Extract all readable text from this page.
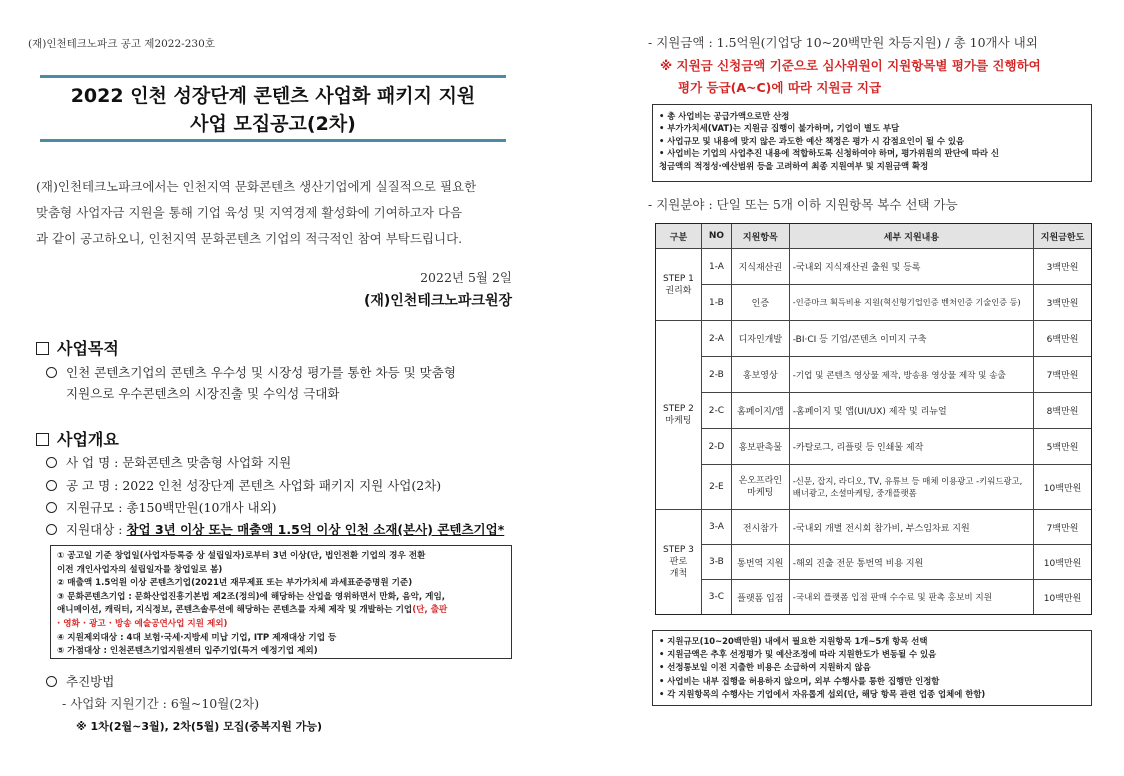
(재)인천테크노파크 공고 제2022-230호
2022 인천 성장단계 콘텐츠 사업화 패키지 지원
사업 모집공고(2차)
(재)인천테크노파크에서는 인천지역 문화콘텐츠 생산기업에게 실질적으로 필요한
맞춤형 사업자금 지원을 통해 기업 육성 및 지역경제 활성화에 기여하고자 다음
과 같이 공고하오니, 인천지역 문화콘텐츠 기업의 적극적인 참여 부탁드립니다.
2022년 5월 2일
(재)인천테크노파크원장
사업목적
인천 콘텐츠기업의 콘텐츠 우수성 및 시장성 평가를 통한 차등 및 맞춤형
지원으로 우수콘텐츠의 시장진출 및 수익성 극대화
사업개요
사 업 명 : 문화콘텐츠 맞춤형 사업화 지원
공 고 명 : 2022 인천 성장단계 콘텐츠 사업화 패키지 지원 사업(2차)
지원규모 : 총150백만원(10개사 내외)
지원대상 : 창업 3년 이상 또는 매출액 1.5억 이상 인천 소재(본사) 콘텐츠기업*
① 공고일 기준 창업일(사업자등록증 상 설립일자)로부터 3년 이상(단, 법인전환 기업의 경우 전환
이전 개인사업자의 설립일자를 창업일로 봄)
② 매출액 1.5억원 이상 콘텐츠기업(2021년 재무제표 또는 부가가치세 과세표준증명원 기준)
③ 문화콘텐츠기업 : 문화산업진흥기본법 제2조(정의)에 해당하는 산업을 영위하면서 만화, 음악, 게임,
애니메이션, 캐릭터, 지식정보, 콘텐츠솔루션에 해당하는 콘텐츠를 자체 제작 및 개발하는 기업(단, 출판
· 영화 · 광고 · 방송 예술공연사업 지원 제외)
④ 지원제외대상 : 4대 보험·국세·지방세 미납 기업, ITP 제재대상 기업 등
⑤ 가점대상 : 인천콘텐츠기업지원센터 입주기업(특거 예정기업 제외)
추진방법
- 사업화 지원기간 : 6월~10월(2차)
※ 1차(2월~3월), 2차(5월) 모집(중복지원 가능)
- 지원금액 : 1.5억원(기업당 10~20백만원 차등지원) / 총 10개사 내외
※ 지원금 신청금액 기준으로 심사위원이 지원항목별 평가를 진행하여
평가 등급(A~C)에 따라 지원금 지급
• 총 사업비는 공급가액으로만 산정
• 부가가치세(VAT)는 지원금 집행이 불가하며, 기업이 별도 부담
• 사업규모 및 내용에 맞지 않은 과도한 예산 책정은 평가 시 감점요인이 될 수 있음
• 사업비는 기업의 사업추진 내용에 적합하도록 신청하여야 하며, 평가위원의 판단에 따라 신
청금액의 적정성·예산범위 등을 고려하여 최종 지원여부 및 지원금액 확정
- 지원분야 : 단일 또는 5개 이하 지원항목 복수 선택 가능
구분	NO	지원항목	세부 지원내용	지원금한도

STEP 1
권리화	1-A	지식재산권	-국내외 지식재산권 출원 및 등록	3백만원
	1-B	인증	-인증마크 획득비용 지원(혁신형기업인증 벤처인증 기술인증 등)	3백만원

STEP 2
마케팅	2-A	디자인개발	-BI·CI 등 기업/콘텐츠 이미지 구축	6백만원
	2-B	홍보영상	-기업 및 콘텐츠 영상물 제작, 방송용 영상물 제작 및 송출	7백만원
	2-C	홈페이지/앱	-홈페이지 및 앱(UI/UX) 제작 및 리뉴얼	8백만원
	2-D	홍보판촉물	-카탈로그, 리플릿 등 인쇄물 제작	5백만원
	2-E	온오프라인 마케팅	-신문, 잡지, 라디오, TV, 유튜브 등 매체 이용광고 -키워드광고, 배너광고, 소셜마케팅, 중개플랫폼	10백만원

STEP 3
판로
개척	3-A	전시참가	-국내외 개별 전시회 참가비, 부스임차료 지원	7백만원
	3-B	통번역 지원	-해외 진출 전문 통번역 비용 지원	10백만원
	3-C	플랫폼 입점	-국내외 플랫폼 입점 판매 수수료 및 판촉 홍보비 지원	10백만원
• 지원규모(10~20백만원) 내에서 필요한 지원항목 1개~5개 항목 선택
• 지원금액은 추후 선정평가 및 예산조정에 따라 지원한도가 변동될 수 있음
• 선정통보일 이전 지출한 비용은 소급하여 지원하지 않음
• 사업비는 내부 집행을 허용하지 않으며, 외부 수행사를 통한 집행만 인정함
• 각 지원항목의 수행사는 기업에서 자유롭게 섭외(단, 해당 항목 관련 업종 업체에 한함)
